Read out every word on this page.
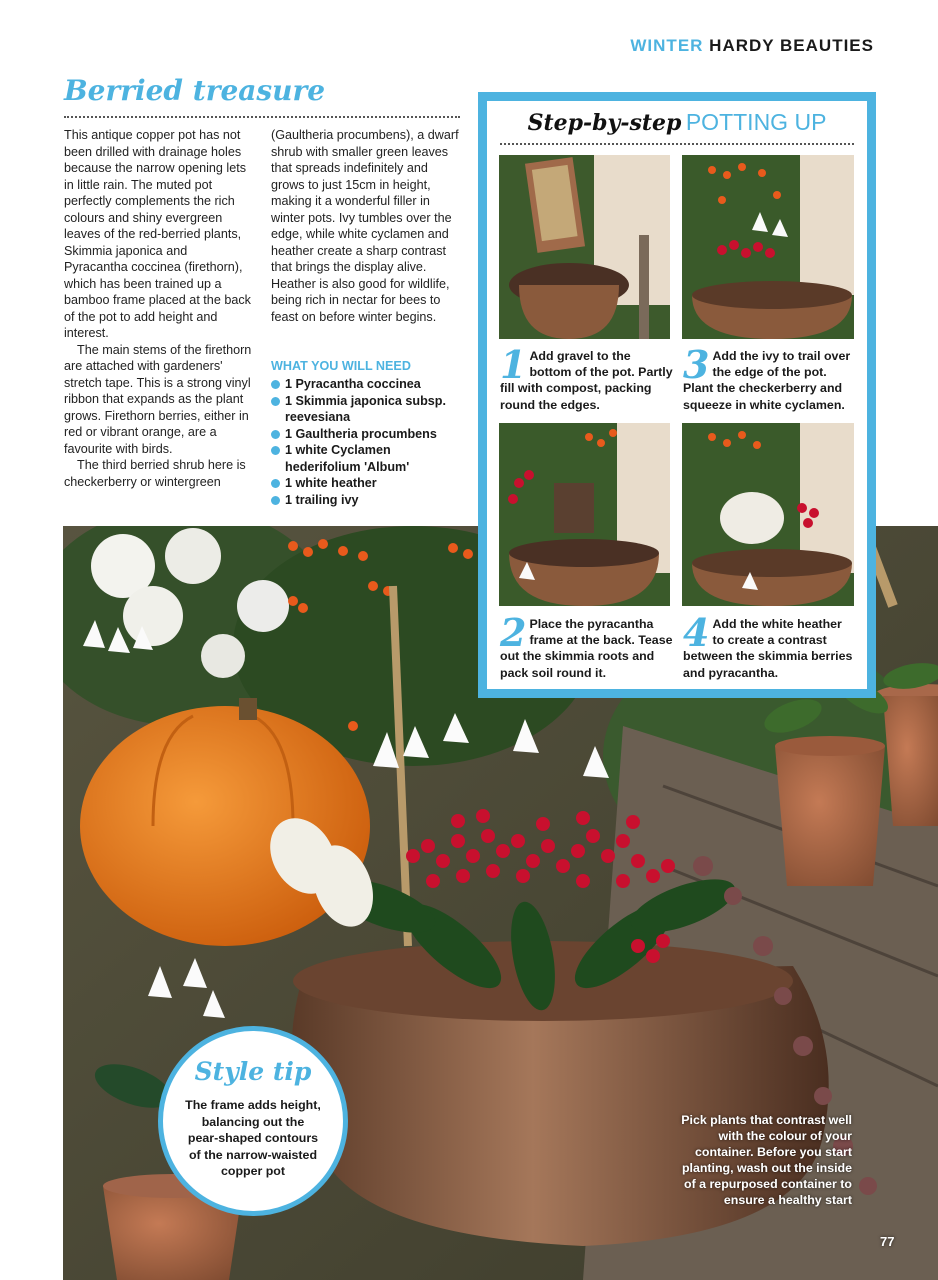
WINTER HARDY BEAUTIES
Berried treasure

This antique copper pot has not been drilled with drainage holes because the narrow opening lets in little rain. The muted pot perfectly complements the rich colours and shiny evergreen leaves of the red-berried plants, Skimmia japonica and Pyracantha coccinea (firethorn), which has been trained up a bamboo frame placed at the back of the pot to add height and interest.

The main stems of the firethorn are attached with gardeners' stretch tape. This is a strong vinyl ribbon that expands as the plant grows. Firethorn berries, either in red or vibrant orange, are a favourite with birds.

The third berried shrub here is checkerberry or wintergreen

(Gaultheria procumbens), a dwarf shrub with smaller green leaves that spreads indefinitely and grows to just 15cm in height, making it a wonderful filler in winter pots. Ivy tumbles over the edge, while white cyclamen and heather create a sharp contrast that brings the display alive. Heather is also good for wildlife, being rich in nectar for bees to feast on before winter begins.

WHAT YOU WILL NEED
1 Pyracantha coccinea
1 Skimmia japonica subsp. reevesiana
1 Gaultheria procumbens
1 white Cyclamen hederifolium 'Album'
1 white heather
1 trailing ivy
Step-by-step POTTING UP
1 Add gravel to the bottom of the pot. Partly fill with compost, packing round the edges.
3 Add the ivy to trail over the edge of the pot. Plant the checkerberry and squeeze in white cyclamen.
2 Place the pyracantha frame at the back. Tease out the skimmia roots and pack soil round it.
4 Add the white heather to create a contrast between the skimmia berries and pyracantha.
Style tip
The frame adds height, balancing out the pear-shaped contours of the narrow-waisted copper pot
Pick plants that contrast well with the colour of your container. Before you start planting, wash out the inside of a repurposed container to ensure a healthy start
77
